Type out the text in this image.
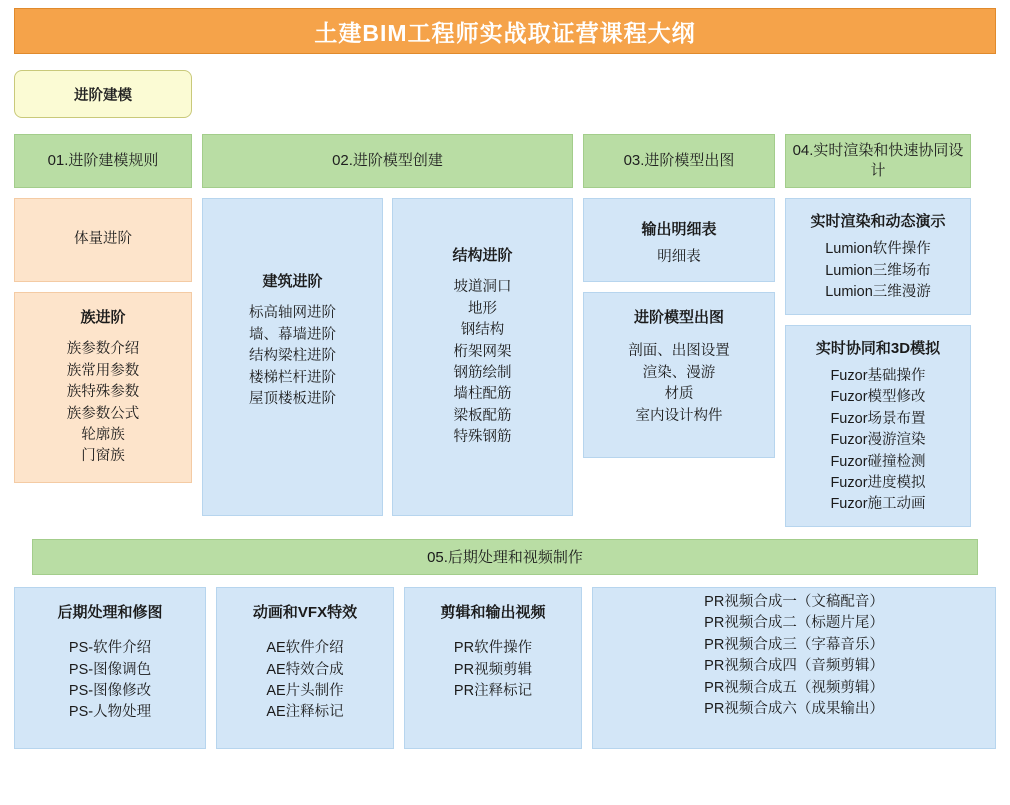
土建BIM工程师实战取证营课程大纲
进阶建模
01.进阶建模规则
体量进阶
族进阶
族参数介绍
族常用参数
族特殊参数
族参数公式
轮廓族
门窗族
02.进阶模型创建
建筑进阶
标高轴网进阶
墙、幕墙进阶
结构梁柱进阶
楼梯栏杆进阶
屋顶楼板进阶
结构进阶
坡道洞口
地形
钢结构
桁架网架
钢筋绘制
墙柱配筋
梁板配筋
特殊钢筋
03.进阶模型出图
输出明细表
明细表
进阶模型出图
剖面、出图设置
渲染、漫游
材质
室内设计构件
04.实时渲染和快速协同设计
实时渲染和动态演示
Lumion软件操作
Lumion三维场布
Lumion三维漫游
实时协同和3D模拟
Fuzor基础操作
Fuzor模型修改
Fuzor场景布置
Fuzor漫游渲染
Fuzor碰撞检测
Fuzor进度模拟
Fuzor施工动画
05.后期处理和视频制作
后期处理和修图
PS-软件介绍
PS-图像调色
PS-图像修改
PS-人物处理
动画和VFX特效
AE软件介绍
AE特效合成
AE片头制作
AE注释标记
剪辑和输出视频
PR软件操作
PR视频剪辑
PR注释标记
PR视频合成一（文稿配音）
PR视频合成二（标题片尾）
PR视频合成三（字幕音乐）
PR视频合成四（音频剪辑）
PR视频合成五（视频剪辑）
PR视频合成六（成果输出）
